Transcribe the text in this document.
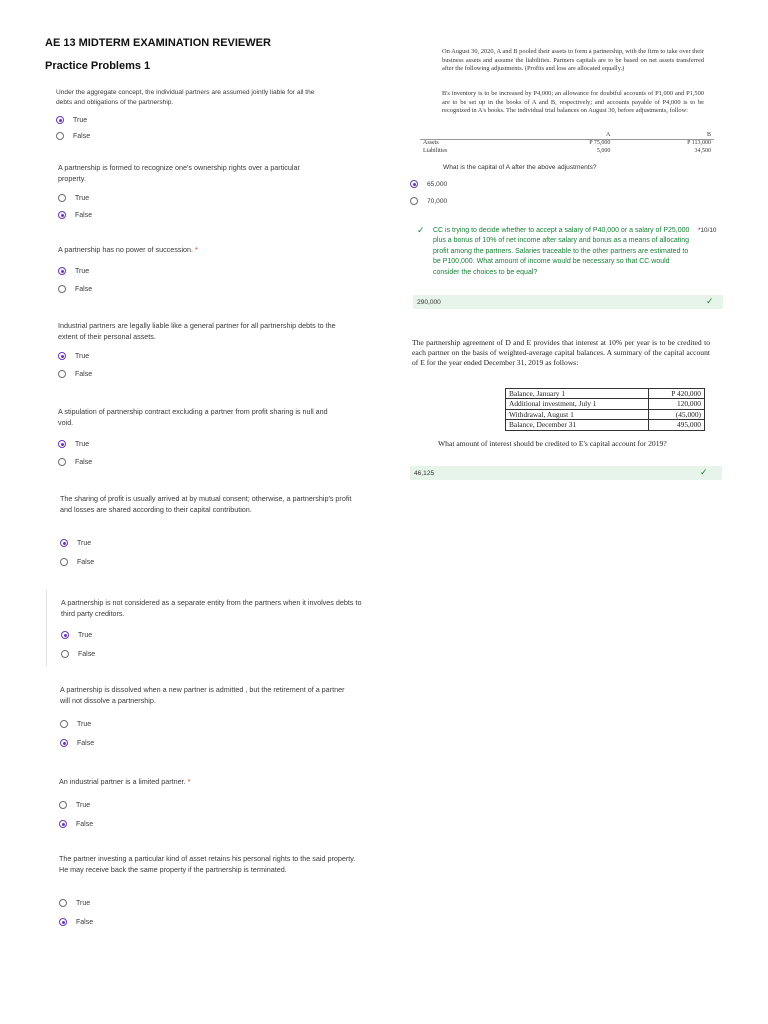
AE 13 MIDTERM EXAMINATION REVIEWER
Practice Problems 1
Under the aggregate concept, the individual partners are assumed jointly liable for all the debts and obligations of the partnership.
True
False
A partnership is formed to recognize one's ownership rights over a particular property.
True
False
A partnership has no power of succession. *
True
False
Industrial partners are legally liable like a general partner for all partnership debts to the extent of their personal assets.
True
False
A stipulation of partnership contract excluding a partner from profit sharing is null and void.
True
False
The sharing of profit is usually arrived at by mutual consent; otherwise, a partnership's profit and losses are shared according to their capital contribution.
True
False
A partnership is not considered as a separate entity from the partners when it involves debts to third party creditors.
True
False
A partnership is dissolved when a new partner is admitted , but the retirement of a partner will not dissolve a partnership.
True
False
An industrial partner is a limited partner. *
True
False
The partner investing a particular kind of asset retains his personal rights to the said property. He may receive back the same property if the partnership is terminated.
True
False
On August 30, 2020, A and B pooled their assets to form a partnership, with the firm to take over their business assets and assume the liabilities. Partners capitals are to be based on net assets transferred after the following adjustments. (Profits and loss are allocated equally.)
B's inventory is to be increased by P4,000; an allowance for doubtful accounts of P1,000 and P1,500 are to be set up in the books of A and B, respectively; and accounts payable of P4,000 is to be recognized in A's books. The individual trial balances on August 30, before adjustments, follow:
	A	B
Assets	P 75,000	P 113,000
Liabilities	5,000	34,500
What is the capital of A after the above adjustments?
65,000
70,000
✓ CC is trying to decide whether to accept a salary of P40,000 or a salary of P25,000 plus a bonus of 10% of net income after salary and bonus as a means of allocating profit among the partners. Salaries traceable to the other partners are estimated to be P100,000. What amount of income would be necessary so that CC would consider the choices to be equal?
*10/10
290,000	✓
The partnership agreement of D and E provides that interest at 10% per year is to be credited to each partner on the basis of weighted-average capital balances. A summary of the capital account of E for the year ended December 31, 2019 as follows:
Balance, January 1	P 420,000
Additional investment, July 1	120,000
Withdrawal, August 1	(45,000)
Balance, December 31	495,000
What amount of interest should be credited to E's capital account for 2019?
46,125	✓
